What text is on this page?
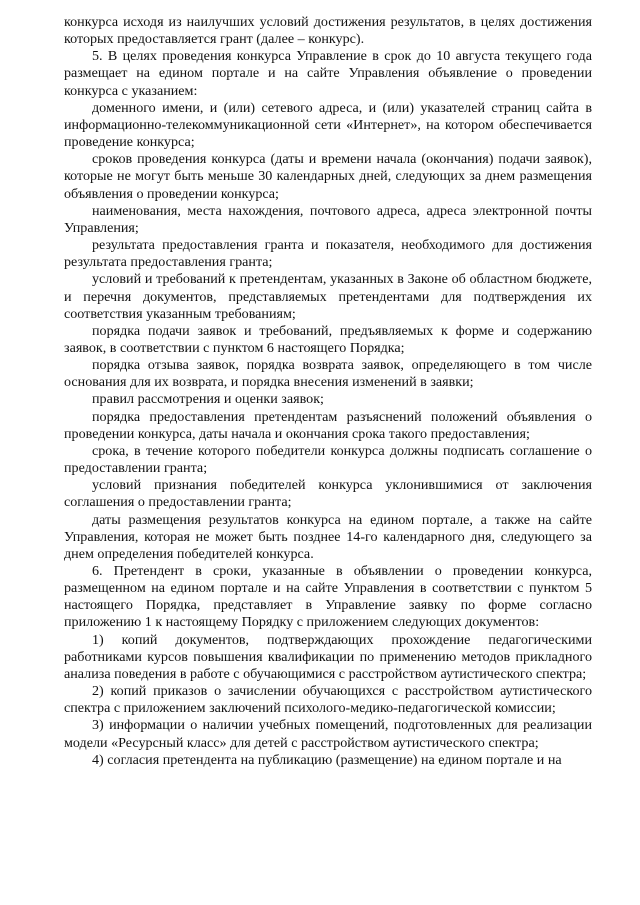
конкурса исходя из наилучших условий достижения результатов, в целях достижения которых предоставляется грант (далее – конкурс).

5. В целях проведения конкурса Управление в срок до 10 августа текущего года размещает на едином портале и на сайте Управления объявление о проведении конкурса с указанием:

доменного имени, и (или) сетевого адреса, и (или) указателей страниц сайта в информационно-телекоммуникационной сети «Интернет», на котором обеспечивается проведение конкурса;

сроков проведения конкурса (даты и времени начала (окончания) подачи заявок), которые не могут быть меньше 30 календарных дней, следующих за днем размещения объявления о проведении конкурса;

наименования, места нахождения, почтового адреса, адреса электронной почты Управления;

результата предоставления гранта и показателя, необходимого для достижения результата предоставления гранта;

условий и требований к претендентам, указанных в Законе об областном бюджете, и перечня документов, представляемых претендентами для подтверждения их соответствия указанным требованиям;

порядка подачи заявок и требований, предъявляемых к форме и содержанию заявок, в соответствии с пунктом 6 настоящего Порядка;

порядка отзыва заявок, порядка возврата заявок, определяющего в том числе основания для их возврата, и порядка внесения изменений в заявки;

правил рассмотрения и оценки заявок;

порядка предоставления претендентам разъяснений положений объявления о проведении конкурса, даты начала и окончания срока такого предоставления;

срока, в течение которого победители конкурса должны подписать соглашение о предоставлении гранта;

условий признания победителей конкурса уклонившимися от заключения соглашения о предоставлении гранта;

даты размещения результатов конкурса на едином портале, а также на сайте Управления, которая не может быть позднее 14-го календарного дня, следующего за днем определения победителей конкурса.

6. Претендент в сроки, указанные в объявлении о проведении конкурса, размещенном на едином портале и на сайте Управления в соответствии с пунктом 5 настоящего Порядка, представляет в Управление заявку по форме согласно приложению 1 к настоящему Порядку с приложением следующих документов:

1) копий документов, подтверждающих прохождение педагогическими работниками курсов повышения квалификации по применению методов прикладного анализа поведения в работе с обучающимися с расстройством аутистического спектра;

2) копий приказов о зачислении обучающихся с расстройством аутистического спектра с приложением заключений психолого-медико-педагогической комиссии;

3) информации о наличии учебных помещений, подготовленных для реализации модели «Ресурсный класс» для детей с расстройством аутистического спектра;

4) согласия претендента на публикацию (размещение) на едином портале и на
